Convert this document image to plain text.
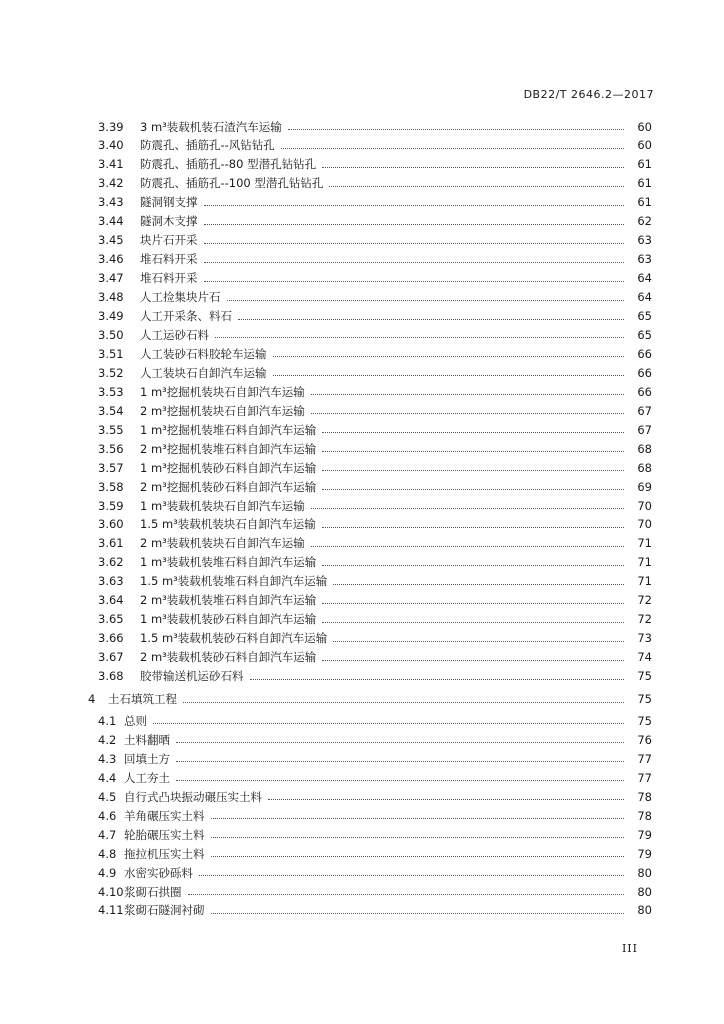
DB22/T 2646.2—2017
3.39	3 m³装载机装石渣汽车运输	60
3.40	防震孔、插筋孔--风钻钻孔	60
3.41	防震孔、插筋孔--80 型潜孔钻钻孔	61
3.42	防震孔、插筋孔--100 型潜孔钻钻孔	61
3.43	隧洞钢支撑	61
3.44	隧洞木支撑	62
3.45	块片石开采	63
3.46	堆石料开采	63
3.47	堆石料开采	64
3.48	人工捡集块片石	64
3.49	人工开采条、料石	65
3.50	人工运砂石料	65
3.51	人工装砂石料胶轮车运输	66
3.52	人工装块石自卸汽车运输	66
3.53	1 m³挖掘机装块石自卸汽车运输	66
3.54	2 m³挖掘机装块石自卸汽车运输	67
3.55	1 m³挖掘机装堆石料自卸汽车运输	67
3.56	2 m³挖掘机装堆石料自卸汽车运输	68
3.57	1 m³挖掘机装砂石料自卸汽车运输	68
3.58	2 m³挖掘机装砂石料自卸汽车运输	69
3.59	1 m³装载机装块石自卸汽车运输	70
3.60	1.5 m³装载机装块石自卸汽车运输	70
3.61	2 m³装载机装块石自卸汽车运输	71
3.62	1 m³装载机装堆石料自卸汽车运输	71
3.63	1.5 m³装载机装堆石料自卸汽车运输	71
3.64	2 m³装载机装堆石料自卸汽车运输	72
3.65	1 m³装载机装砂石料自卸汽车运输	72
3.66	1.5 m³装载机装砂石料自卸汽车运输	73
3.67	2 m³装载机装砂石料自卸汽车运输	74
3.68	胶带输送机运砂石料	75
4	土石填筑工程	75
4.1 总则	75
4.2 土料翻晒	76
4.3 回填土方	77
4.4 人工夯土	77
4.5 自行式凸块振动碾压实土料	78
4.6 羊角碾压实土料	78
4.7 轮胎碾压实土料	79
4.8 拖拉机压实土料	79
4.9 水密实砂砾料	80
4.10 浆砌石拱圈	80
4.11 浆砌石隧洞衬砌	80
III
